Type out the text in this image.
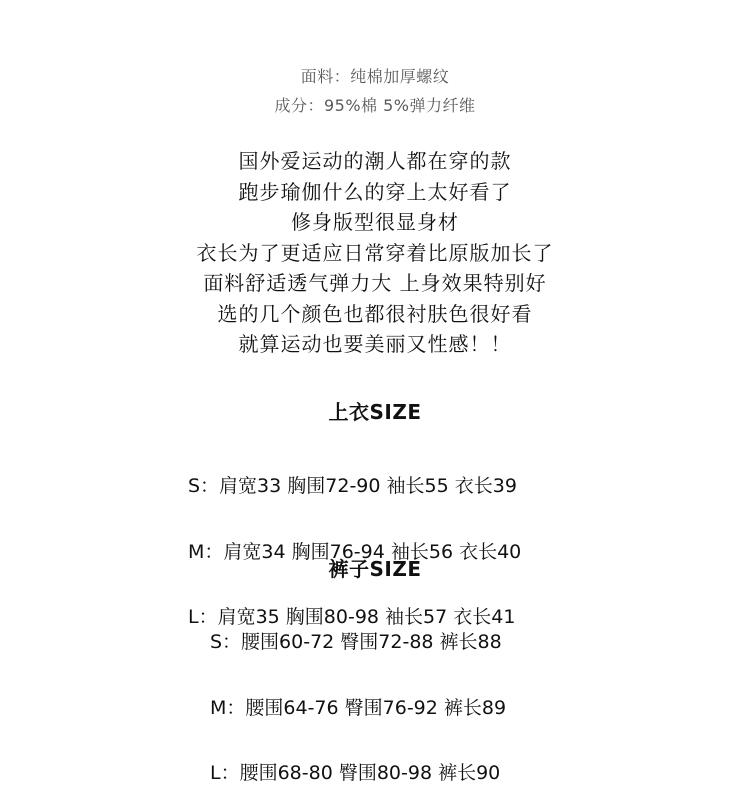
面料：纯棉加厚螺纹
成分：95%棉 5%弹力纤维
国外爱运动的潮人都在穿的款
跑步瑜伽什么的穿上太好看了
修身版型很显身材
衣长为了更适应日常穿着比原版加长了
面料舒适透气弹力大 上身效果特别好
选的几个颜色也都很衬肤色很好看
就算运动也要美丽又性感！！
上衣SIZE

S：肩宽33 胸围72-90 袖长55 衣长39

M：肩宽34 胸围76-94 袖长56 衣长40

L：肩宽35 胸围80-98 袖长57 衣长41

裤子SIZE

S：腰围60-72 臀围72-88 裤长88

M：腰围64-76 臀围76-92 裤长89

L：腰围68-80 臀围80-98 裤长90
